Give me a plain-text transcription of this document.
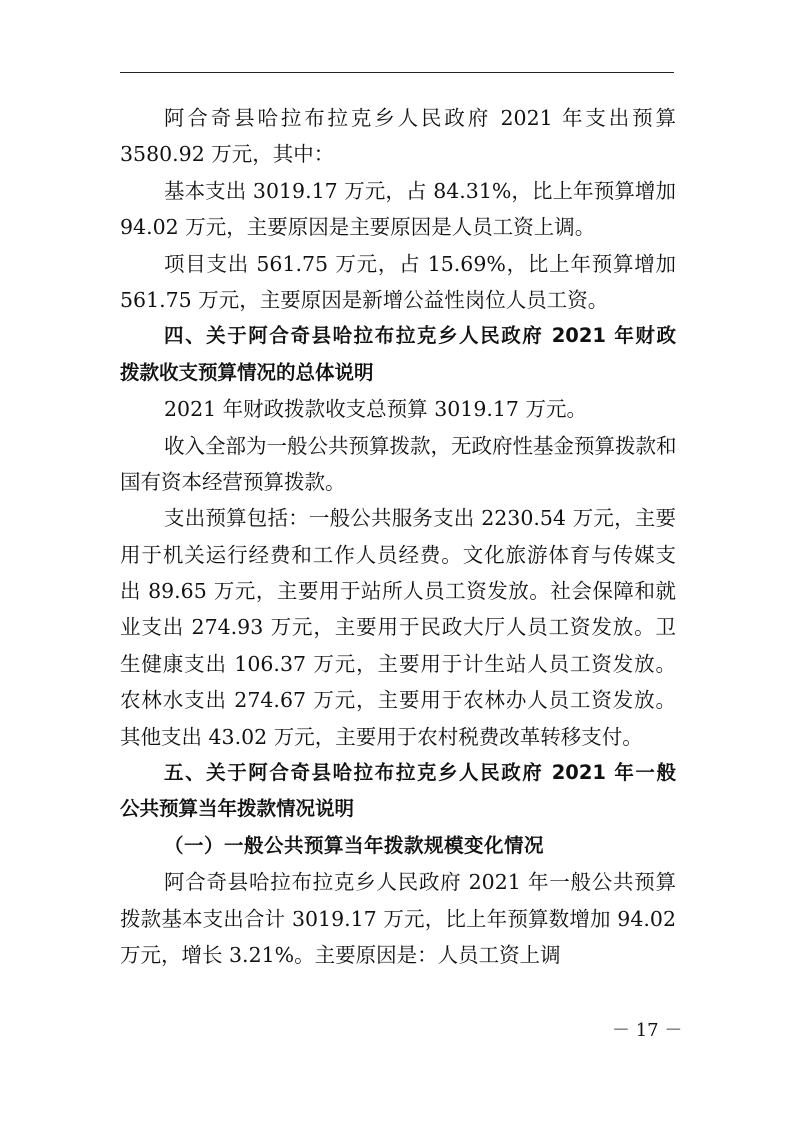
阿合奇县哈拉布拉克乡人民政府 2021 年支出预算
3580.92 万元，其中：
基本支出 3019.17 万元，占 84.31%，比上年预算增加
94.02 万元，主要原因是主要原因是人员工资上调。
项目支出 561.75 万元，占 15.69%，比上年预算增加
561.75 万元，主要原因是新增公益性岗位人员工资。
四、关于阿合奇县哈拉布拉克乡人民政府 2021 年财政
拨款收支预算情况的总体说明
2021 年财政拨款收支总预算 3019.17 万元。
收入全部为一般公共预算拨款，无政府性基金预算拨款和
国有资本经营预算拨款。
支出预算包括：一般公共服务支出 2230.54 万元，主要
用于机关运行经费和工作人员经费。文化旅游体育与传媒支
出 89.65 万元，主要用于站所人员工资发放。社会保障和就
业支出 274.93 万元，主要用于民政大厅人员工资发放。卫
生健康支出 106.37 万元，主要用于计生站人员工资发放。
农林水支出 274.67 万元，主要用于农林办人员工资发放。
其他支出 43.02 万元，主要用于农村税费改革转移支付。
五、关于阿合奇县哈拉布拉克乡人民政府 2021 年一般
公共预算当年拨款情况说明
（一）一般公共预算当年拨款规模变化情况
阿合奇县哈拉布拉克乡人民政府 2021 年一般公共预算
拨款基本支出合计 3019.17 万元，比上年预算数增加 94.02
万元，增长 3.21%。主要原因是：人员工资上调
－ 17 －
